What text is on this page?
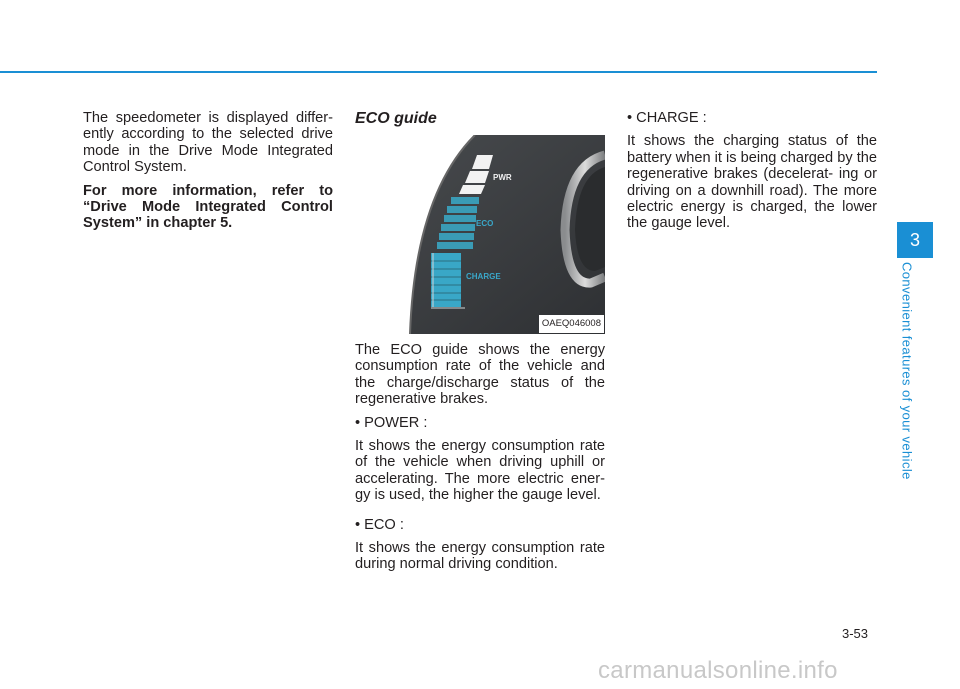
The speedometer is displayed differ- ently according to the selected drive mode in the Drive Mode Integrated Control System.

For more information, refer to “Drive Mode Integrated Control System” in chapter 5.

ECO guide

PWR
ECO
CHARGE
OAEQ046008

The ECO guide shows the energy consumption rate of the vehicle and the charge/discharge status of the regenerative brakes.

• POWER :

It shows the energy consumption rate of the vehicle when driving uphill or accelerating. The more electric ener- gy is used, the higher the gauge level.

• ECO :

It shows the energy consumption rate during normal driving condition.

• CHARGE :

It shows the charging status of the battery when it is being charged by the regenerative brakes (decelerat- ing or driving on a downhill road). The more electric energy is charged, the lower the gauge level.

3
Convenient features of your vehicle
3-53
carmanualsonline.info
